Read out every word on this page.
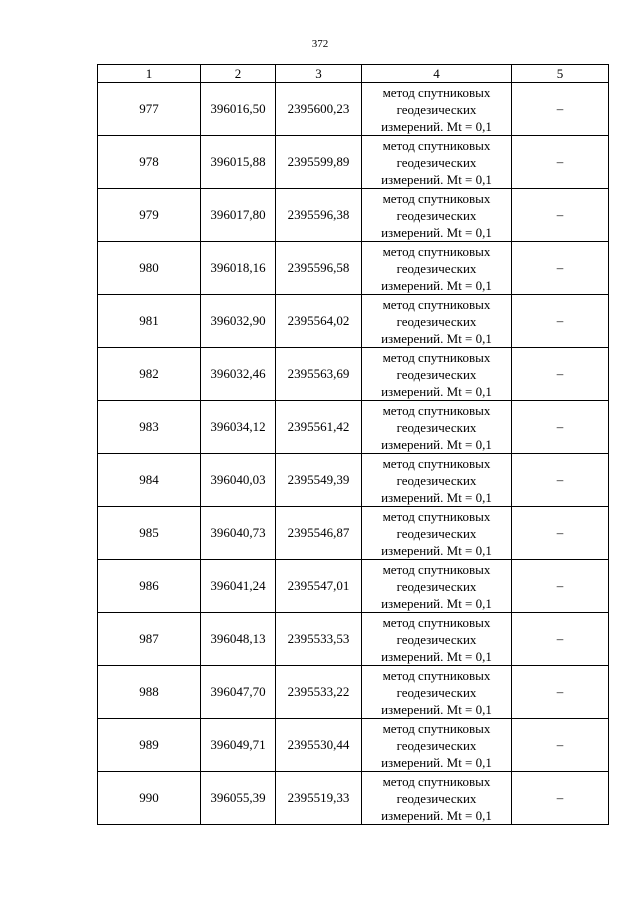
372
1	2	3	4	5
977	396016,50	2395600,23	метод спутниковых
геодезических
измерений. Mt = 0,1	–
978	396015,88	2395599,89	метод спутниковых
геодезических
измерений. Mt = 0,1	–
979	396017,80	2395596,38	метод спутниковых
геодезических
измерений. Mt = 0,1	–
980	396018,16	2395596,58	метод спутниковых
геодезических
измерений. Mt = 0,1	–
981	396032,90	2395564,02	метод спутниковых
геодезических
измерений. Mt = 0,1	–
982	396032,46	2395563,69	метод спутниковых
геодезических
измерений. Mt = 0,1	–
983	396034,12	2395561,42	метод спутниковых
геодезических
измерений. Mt = 0,1	–
984	396040,03	2395549,39	метод спутниковых
геодезических
измерений. Mt = 0,1	–
985	396040,73	2395546,87	метод спутниковых
геодезических
измерений. Mt = 0,1	–
986	396041,24	2395547,01	метод спутниковых
геодезических
измерений. Mt = 0,1	–
987	396048,13	2395533,53	метод спутниковых
геодезических
измерений. Mt = 0,1	–
988	396047,70	2395533,22	метод спутниковых
геодезических
измерений. Mt = 0,1	–
989	396049,71	2395530,44	метод спутниковых
геодезических
измерений. Mt = 0,1	–
990	396055,39	2395519,33	метод спутниковых
геодезических
измерений. Mt = 0,1	–
